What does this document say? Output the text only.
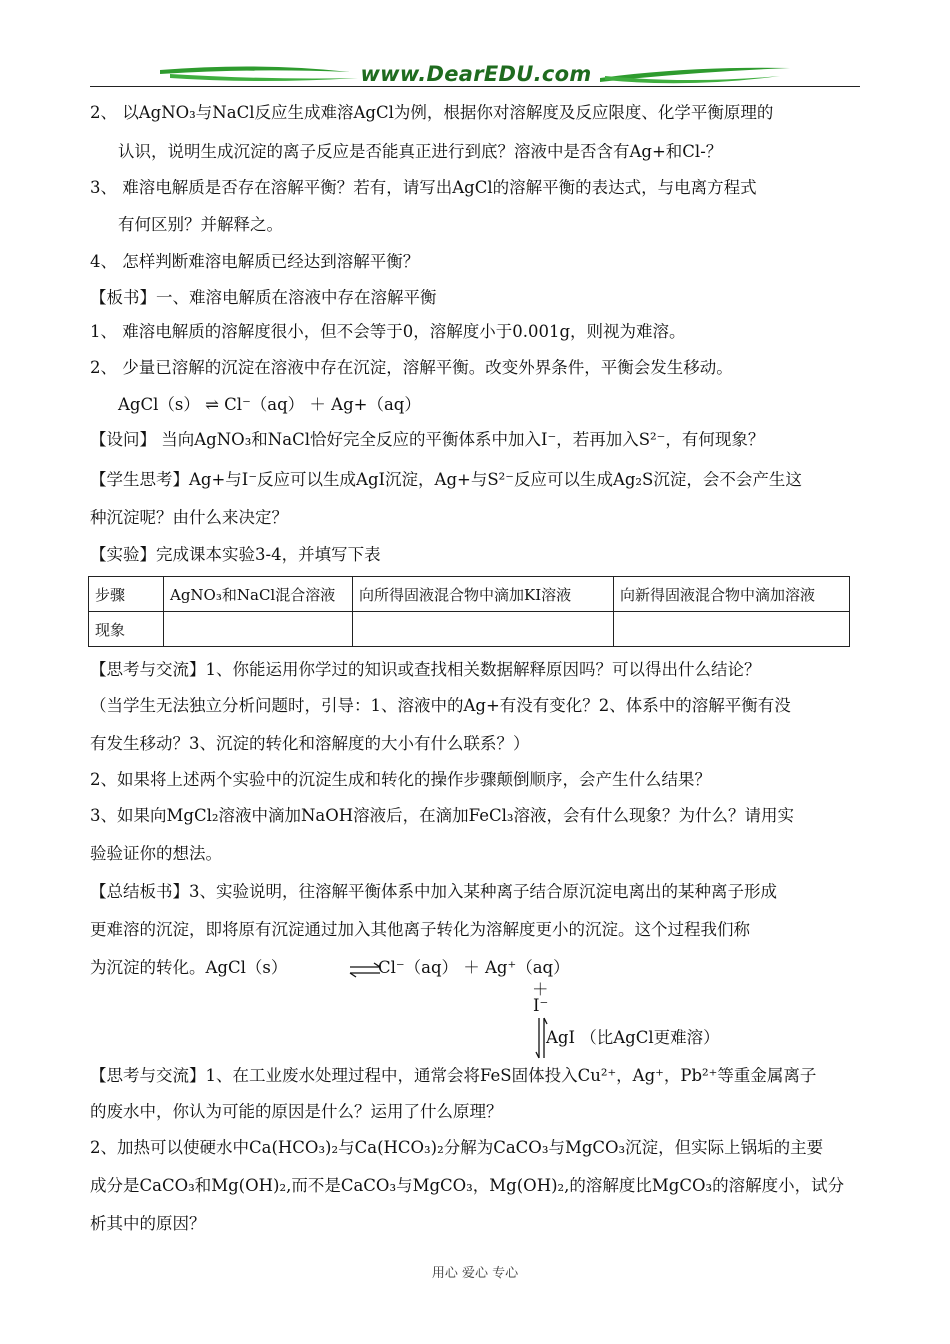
www.DearEDU.com
2、 以AgNO₃与NaCl反应生成难溶AgCl为例，根据你对溶解度及反应限度、化学平衡原理的
认识，说明生成沉淀的离子反应是否能真正进行到底？溶液中是否含有Ag+和Cl-？
3、 难溶电解质是否存在溶解平衡？若有，请写出AgCl的溶解平衡的表达式，与电离方程式
有何区别？并解释之。
4、 怎样判断难溶电解质已经达到溶解平衡？
【板书】一、难溶电解质在溶液中存在溶解平衡
1、 难溶电解质的溶解度很小，但不会等于0，溶解度小于0.001g，则视为难溶。
2、 少量已溶解的沉淀在溶液中存在沉淀，溶解平衡。改变外界条件，平衡会发生移动。
AgCl（s） ⇌ Cl⁻（aq） ＋ Ag+（aq）
【设问】 当向AgNO₃和NaCl恰好完全反应的平衡体系中加入I⁻，若再加入S²⁻，有何现象？
【学生思考】Ag+与I⁻反应可以生成AgI沉淀，Ag+与S²⁻反应可以生成Ag₂S沉淀，会不会产生这
种沉淀呢？由什么来决定？
【实验】完成课本实验3-4，并填写下表
步骤	AgNO₃和NaCl混合溶液	向所得固液混合物中滴加KI溶液	向新得固液混合物中滴加溶液
现象			
【思考与交流】1、你能运用你学过的知识或查找相关数据解释原因吗？可以得出什么结论？
（当学生无法独立分析问题时，引导：1、溶液中的Ag+有没有变化？2、体系中的溶解平衡有没
有发生移动？3、沉淀的转化和溶解度的大小有什么联系？）
2、如果将上述两个实验中的沉淀生成和转化的操作步骤颠倒顺序，会产生什么结果？
3、如果向MgCl₂溶液中滴加NaOH溶液后，在滴加FeCl₃溶液，会有什么现象？为什么？请用实
验验证你的想法。
【总结板书】3、实验说明，往溶解平衡体系中加入某种离子结合原沉淀电离出的某种离子形成
更难溶的沉淀，即将原有沉淀通过加入其他离子转化为溶解度更小的沉淀。这个过程我们称
为沉淀的转化。AgCl（s）	Cl⁻（aq） ＋ Ag⁺（aq）
＋
I⁻
AgI （比AgCl更难溶）
【思考与交流】1、在工业废水处理过程中，通常会将FeS固体投入Cu²⁺，Ag⁺，Pb²⁺等重金属离子
的废水中，你认为可能的原因是什么？运用了什么原理？
2、加热可以使硬水中Ca(HCO₃)₂与Ca(HCO₃)₂分解为CaCO₃与MgCO₃沉淀，但实际上锅垢的主要
成分是CaCO₃和Mg(OH)₂,而不是CaCO₃与MgCO₃，Mg(OH)₂,的溶解度比MgCO₃的溶解度小，试分
析其中的原因？
用心 爱心 专心
